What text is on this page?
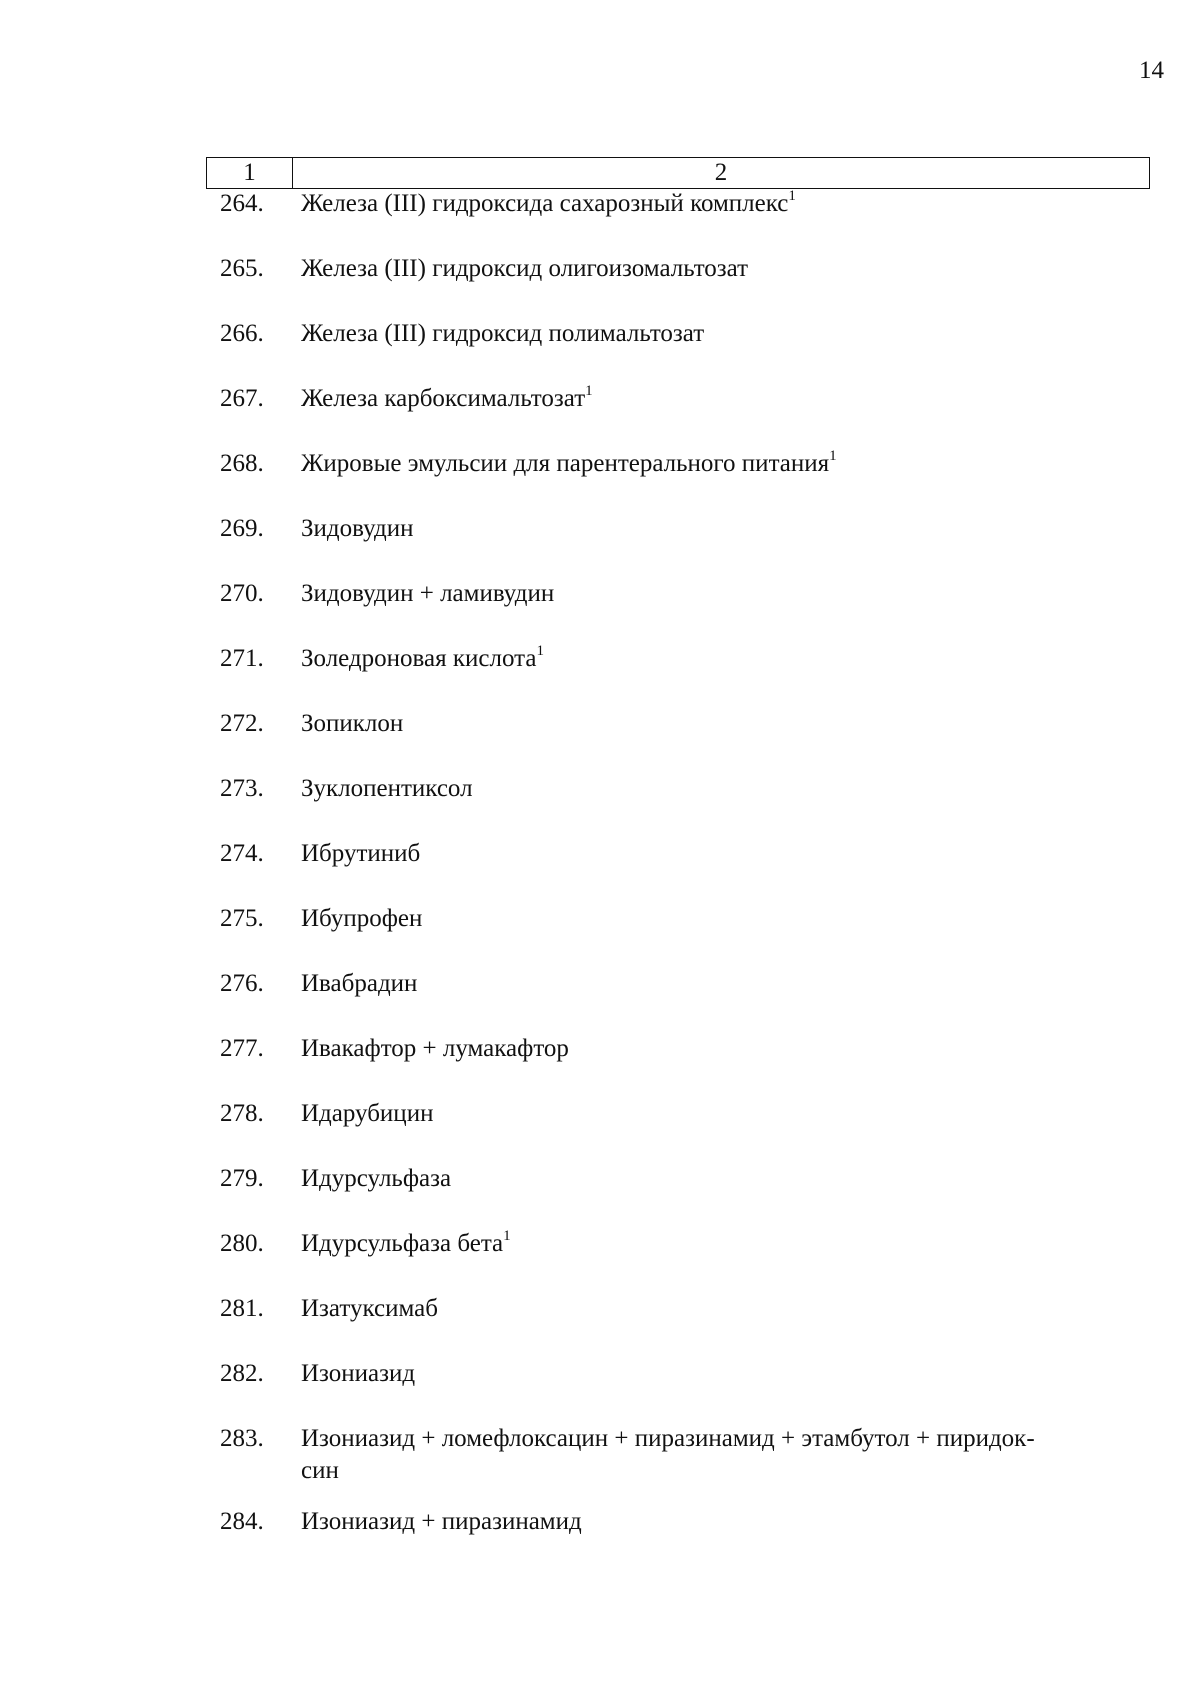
14
1	2
264.	Железа (III) гидроксида сахарозный комплекс$^1$
265.	Железа (III) гидроксид олигоизомальтозат
266.	Железа (III) гидроксид полимальтозат
267.	Железа карбоксимальтозат$^1$
268.	Жировые эмульсии для парентерального питания$^1$
269.	Зидовудин
270.	Зидовудин + ламивудин
271.	Золедроновая кислота$^1$
272.	Зопиклон
273.	Зуклопентиксол
274.	Ибрутиниб
275.	Ибупрофен
276.	Ивабрадин
277.	Ивакафтор + лумакафтор
278.	Идарубицин
279.	Идурсульфаза
280.	Идурсульфаза бета$^1$
281.	Изатуксимаб
282.	Изониазид
283.	Изониазид + ломефлоксацин + пиразинамид + этамбутол + пиридок-
син
284.	Изониазид + пиразинамид
